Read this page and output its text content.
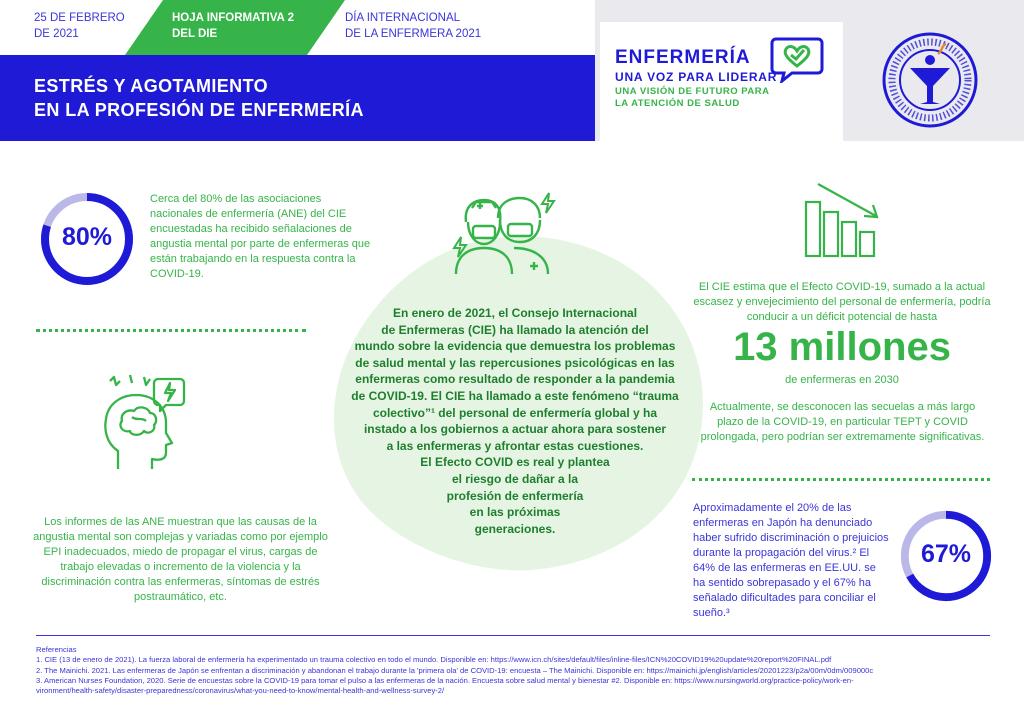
25 DE FEBRERO
DE 2021
HOJA INFORMATIVA 2
DEL DIE
DÍA INTERNACIONAL
DE LA ENFERMERA 2021
ESTRÉS Y AGOTAMIENTO
EN LA PROFESIÓN DE ENFERMERÍA
ENFERMERÍA
UNA VOZ PARA LIDERAR
UNA VISIÓN DE FUTURO PARA
LA ATENCIÓN DE SALUD
80%
Cerca del 80% de las asociaciones nacionales de enfermería (ANE) del CIE encuestadas ha recibido señalaciones de angustia mental por parte de enfermeras que están trabajando en la respuesta contra la COVID-19.
En enero de 2021, el Consejo Internacional
de Enfermeras (CIE) ha llamado la atención del
mundo sobre la evidencia que demuestra los problemas
de salud mental y las repercusiones psicológicas en las
enfermeras como resultado de responder a la pandemia
de COVID-19. El CIE ha llamado a este fenómeno “trauma
colectivo”¹ del personal de enfermería global y ha
instado a los gobiernos a actuar ahora para sostener
a las enfermeras y afrontar estas cuestiones.
El Efecto COVID es real y plantea
el riesgo de dañar a la
profesión de enfermería
en las próximas
generaciones.
El CIE estima que el Efecto COVID-19, sumado a la actual escasez y envejecimiento del personal de enfermería, podría conducir a un déficit potencial de hasta
13 millones
de enfermeras en 2030
Actualmente, se desconocen las secuelas a más largo plazo de la COVID-19, en particular TEPT y COVID prolongada, pero podrían ser extremamente significativas.
Los informes de las ANE muestran que las causas de la angustia mental son complejas y variadas como por ejemplo EPI inadecuados, miedo de propagar el virus, cargas de trabajo elevadas o incremento de la violencia y la discriminación contra las enfermeras, síntomas de estrés postraumático, etc.
Aproximadamente el 20% de las enfermeras en Japón ha denunciado haber sufrido discriminación o prejuicios durante la propagación del virus.² El 64% de las enfermeras en EE.UU. se ha sentido sobrepasado y el 67% ha señalado dificultades para conciliar el sueño.³
67%
Referencias
1. CIE (13 de enero de 2021). La fuerza laboral de enfermería ha experimentado un trauma colectivo en todo el mundo. Disponible en: https://www.icn.ch/sites/default/files/inline-files/ICN%20COVID19%20update%20report%20FINAL.pdf
2. The Mainichi. 2021. Las enfermeras de Japón se enfrentan a discriminación y abandonan el trabajo durante la 'primera ola' de COVID-19: encuesta – The Mainichi. Disponible en: https://mainichi.jp/english/articles/20201223/p2a/00m/0dm/009000c
3. American Nurses Foundation, 2020. Serie de encuestas sobre la COVID-19 para tomar el pulso a las enfermeras de la nación. Encuesta sobre salud mental y bienestar #2. Disponible en: https://www.nursingworld.org/practice-policy/work-en-
vironment/health-safety/disaster-preparedness/coronavirus/what-you-need-to-know/mental-health-and-wellness-survey-2/
